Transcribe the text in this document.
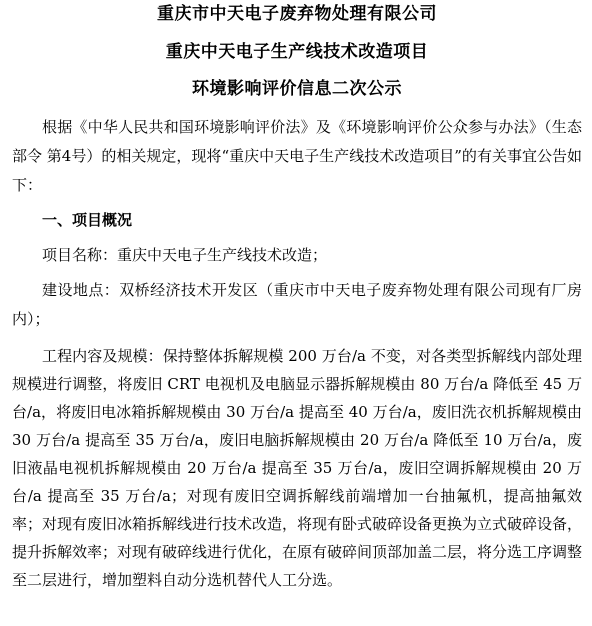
重庆市中天电子废弃物处理有限公司

重庆中天电子生产线技术改造项目

环境影响评价信息二次公示

根据《中华人民共和国环境影响评价法》及《环境影响评价公众参与办法》（生态部令 第4号）的相关规定，现将“重庆中天电子生产线技术改造项目”的有关事宜公告如下：

一、项目概况

项目名称：重庆中天电子生产线技术改造；

建设地点：双桥经济技术开发区（重庆市中天电子废弃物处理有限公司现有厂房内）；

工程内容及规模：保持整体拆解规模 200 万台/a 不变，对各类型拆解线内部处理规模进行调整，将废旧 CRT 电视机及电脑显示器拆解规模由 80 万台/a 降低至 45 万台/a，将废旧电冰箱拆解规模由 30 万台/a 提高至 40 万台/a，废旧洗衣机拆解规模由 30 万台/a 提高至 35 万台/a，废旧电脑拆解规模由 20 万台/a 降低至 10 万台/a，废旧液晶电视机拆解规模由 20 万台/a 提高至 35 万台/a，废旧空调拆解规模由 20 万台/a 提高至 35 万台/a；对现有废旧空调拆解线前端增加一台抽氟机，提高抽氟效率；对现有废旧冰箱拆解线进行技术改造，将现有卧式破碎设备更换为立式破碎设备，提升拆解效率；对现有破碎线进行优化，在原有破碎间顶部加盖二层，将分选工序调整至二层进行，增加塑料自动分选机替代人工分选。
